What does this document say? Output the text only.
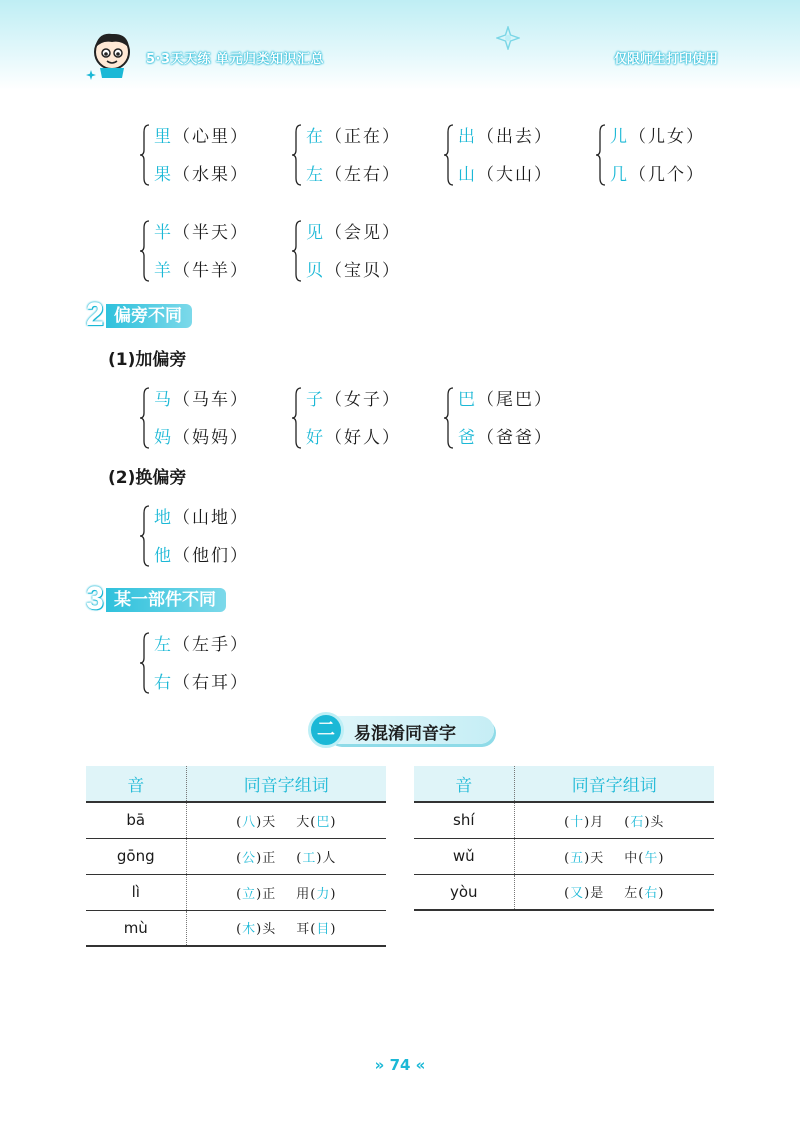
5·3天天练 单元归类知识汇总	仅限师生打印使用
里（心里）
果（水果）
在（正在）
左（左右）
出（出去）
山（大山）
儿（儿女）
几（几个）
半（半天）
羊（牛羊）
见（会见）
贝（宝贝）
2 偏旁不同
(1)加偏旁
马（马车）
妈（妈妈）
子（女子）
好（好人）
巴（尾巴）
爸（爸爸）
(2)换偏旁
地（山地）
他（他们）
3 某一部件不同
左（左手）
右（右耳）
二	易混淆同音字
音	同音字组词
bā	(八)天 大(巴)
gōng	(公)正 (工)人
lì	(立)正 用(力)
mù	(木)头 耳(目)
音	同音字组词
shí	(十)月 (石)头
wǔ	(五)天 中(午)
yòu	(又)是 左(右)
» 74 «
